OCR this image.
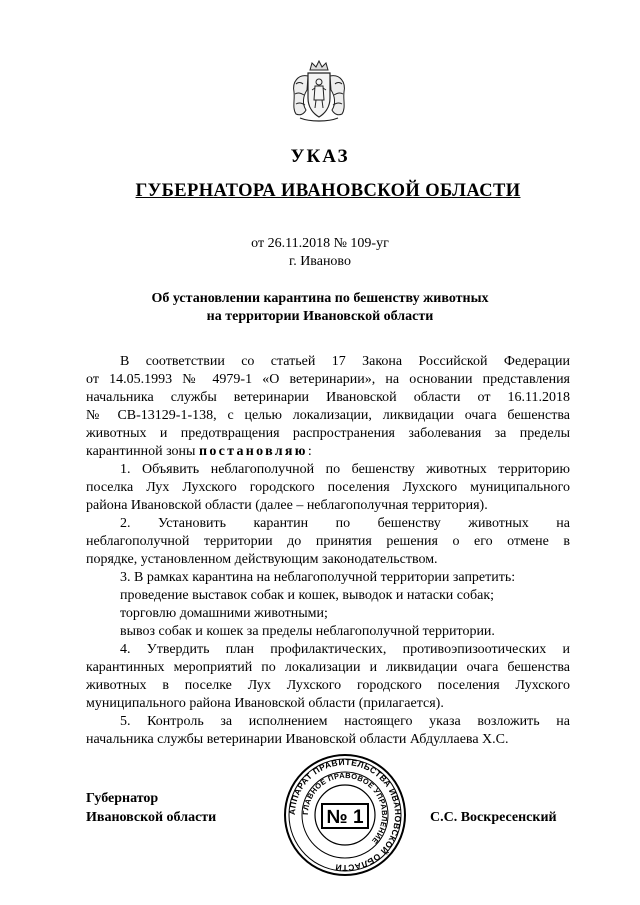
УКАЗ
ГУБЕРНАТОРА ИВАНОВСКОЙ ОБЛАСТИ
от 26.11.2018 № 109-уг
г. Иваново
Об установлении карантина по бешенству животных
на территории Ивановской области
В соответствии со статьей 17 Закона Российской Федерации
от 14.05.1993 № 4979-1 «О ветеринарии», на основании представления
начальника службы ветеринарии Ивановской области от 16.11.2018
№ СВ-13129-1-138, с целью локализации, ликвидации очага бешенства
животных и предотвращения распространения заболевания за пределы
карантинной зоны постановляю:
1. Объявить неблагополучной по бешенству животных территорию
поселка Лух Лухского городского поселения Лухского муниципального
района Ивановской области (далее – неблагополучная территория).
2. Установить карантин по бешенству животных на
неблагополучной территории до принятия решения о его отмене в
порядке, установленном действующим законодательством.
3. В рамках карантина на неблагополучной территории запретить:
проведение выставок собак и кошек, выводок и натаски собак;
торговлю домашними животными;
вывоз собак и кошек за пределы неблагополучной территории.
4. Утвердить план профилактических, противоэпизоотических и
карантинных мероприятий по локализации и ликвидации очага бешенства
животных в поселке Лух Лухского городского поселения Лухского
муниципального района Ивановской области (прилагается).
5. Контроль за исполнением настоящего указа возложить на
начальника службы ветеринарии Ивановской области Абдуллаева Х.С.
Губернатор
Ивановской области	С.С. Воскресенский
АППАРАТ ПРАВИТЕЛЬСТВА ИВАНОВСКОЙ ОБЛАСТИ
ГЛАВНОЕ ПРАВОВОЕ УПРАВЛЕНИЕ
№ 1
